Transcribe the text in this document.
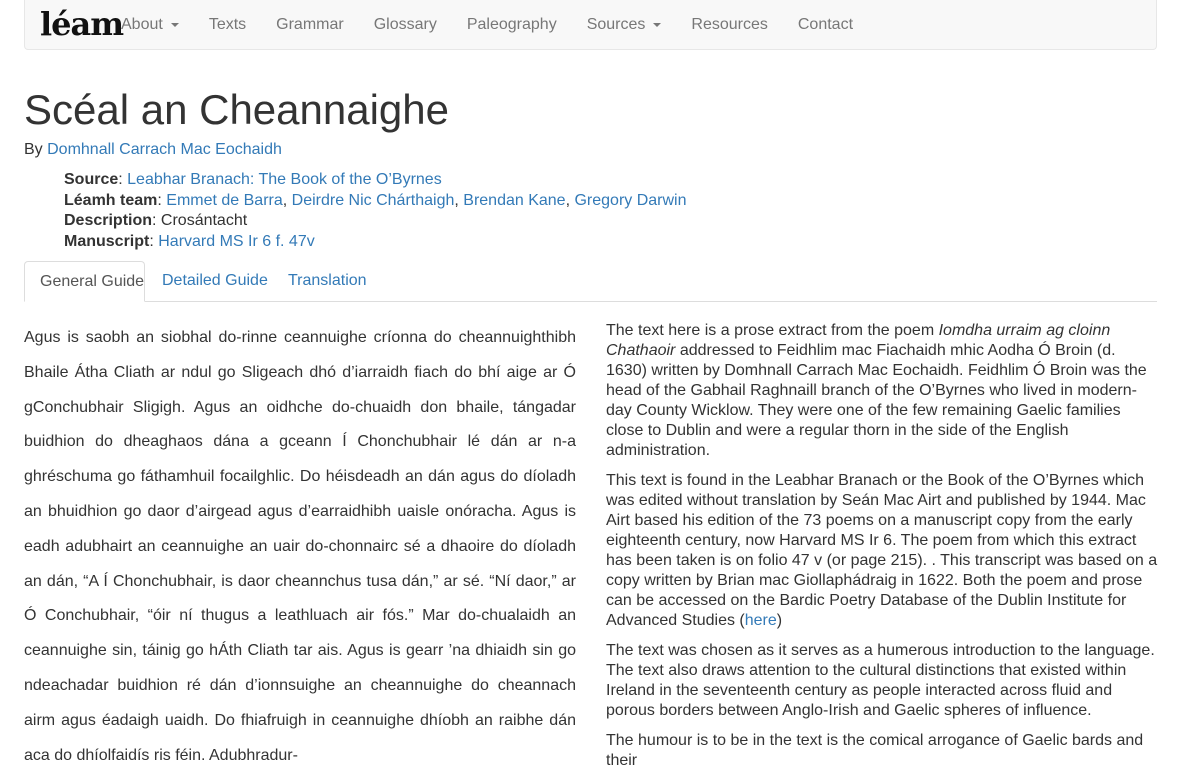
léam
About	Texts	Grammar	Glossary	Paleography	Sources	Resources	Contact
Scéal an Cheannaighe
By Domhnall Carrach Mac Eochaidh
Source: Leabhar Branach: The Book of the O’Byrnes
Léamh team: Emmet de Barra, Deirdre Nic Chárthaigh, Brendan Kane, Gregory Darwin
Description: Crosántacht
Manuscript: Harvard MS Ir 6 f. 47v
General Guide	Detailed Guide	Translation
Agus is saobh an siobhal do-rinne ceannuighe críonna do cheannuighthibh Bhaile Átha Cliath ar ndul go Sligeach dhó d’iarraidh fiach do bhí aige ar Ó gConchubhair Sligigh. Agus an oidhche do-chuaidh don bhaile, tángadar buidhion do dheaghaos dána a gceann Í Chonchubhair lé dán ar n-a ghréschuma go fáthamhuil focailghlic. Do héisdeadh an dán agus do díoladh an bhuidhion go daor d’airgead agus d’earraidhibh uaisle onóracha. Agus is eadh adubhairt an ceannuighe an uair do-chonnairc sé a dhaoire do díoladh an dán, “A Í Chonchubhair, is daor cheannchus tusa dán,” ar sé. “Ní daor,” ar Ó Conchubhair, “óir ní thugus a leathluach air fós.” Mar do-chualaidh an ceannuighe sin, táinig go hÁth Cliath tar ais. Agus is gearr ’na dhiaidh sin go ndeachadar buidhion ré dán d’ionnsuighe an cheannuighe do cheannach airm agus éadaigh uaidh. Do fhiafruigh in ceannuighe dhíobh an raibhe dán aca do dhíolfaidís ris féin. Adubhradur-

The text here is a prose extract from the poem Iomdha urraim ag cloinn Chathaoir addressed to Feidhlim mac Fiachaidh mhic Aodha Ó Broin (d. 1630) written by Domhnall Carrach Mac Eochaidh. Feidhlim Ó Broin was the head of the Gabhail Raghnaill branch of the O’Byrnes who lived in modern-day County Wicklow. They were one of the few remaining Gaelic families close to Dublin and were a regular thorn in the side of the English administration.

This text is found in the Leabhar Branach or the Book of the O’Byrnes which was edited without translation by Seán Mac Airt and published by 1944. Mac Airt based his edition of the 73 poems on a manuscript copy from the early eighteenth century, now Harvard MS Ir 6. The poem from which this extract has been taken is on folio 47 v (or page 215). . This transcript was based on a copy written by Brian mac Giollaphádraig in 1622. Both the poem and prose can be accessed on the Bardic Poetry Database of the Dublin Institute for Advanced Studies (here)

The text was chosen as it serves as a humerous introduction to the language. The text also draws attention to the cultural distinctions that existed within Ireland in the seventeenth century as people interacted across fluid and porous borders between Anglo-Irish and Gaelic spheres of influence.

The humour is to be in the text is the comical arrogance of Gaelic bards and their
